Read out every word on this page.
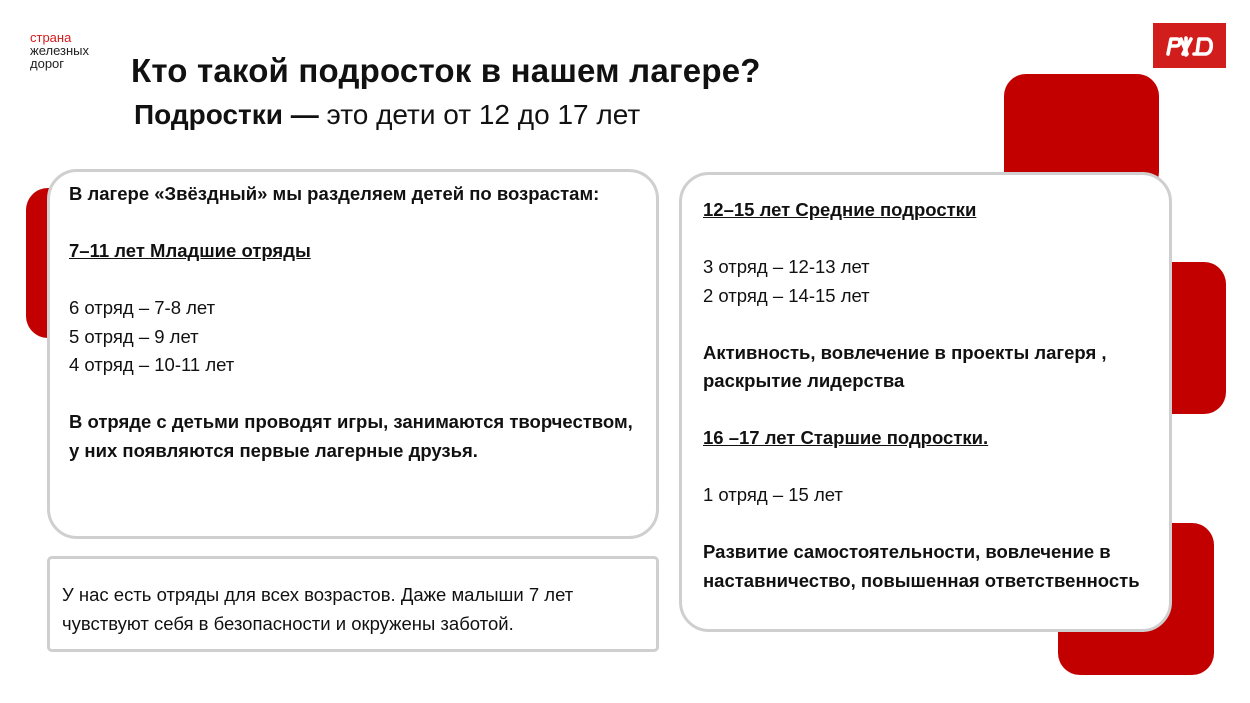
страна
железных
дорог	Кто такой подросток в нашем лагере?
Подростки — это дети от 12 до 17 лет
В лагере «Звёздный» мы разделяем детей по возрастам:
7–11 лет Младшие отряды
6 отряд – 7-8 лет
5 отряд – 9 лет
4 отряд – 10-11 лет
В отряде с детьми проводят игры, занимаются творчеством, у них появляются первые лагерные друзья.
У нас есть отряды для всех возрастов. Даже малыши 7 лет чувствуют себя в безопасности и окружены заботой.
12–15 лет Средние подростки
3 отряд – 12-13 лет
2 отряд – 14-15 лет
Активность, вовлечение в проекты лагеря , раскрытие лидерства
16 –17 лет Старшие подростки.
1 отряд – 15 лет
Развитие самостоятельности, вовлечение в наставничество, повышенная ответственность
